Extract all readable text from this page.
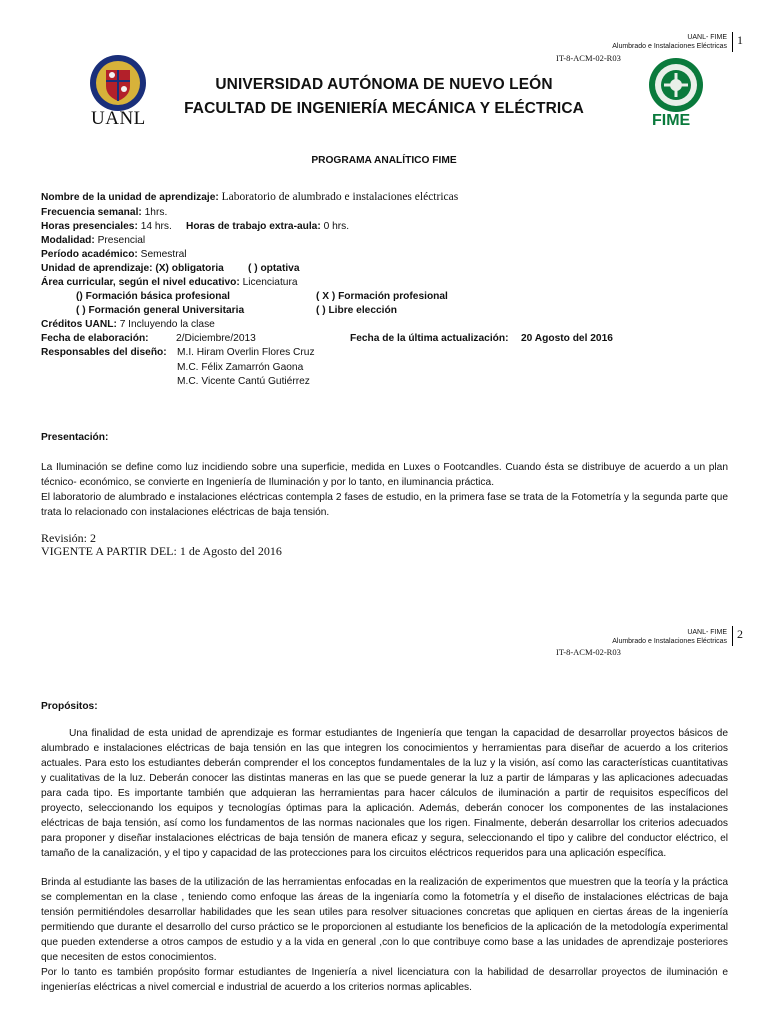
UANL- FIME
Alumbrado e Instalaciones Eléctricas 1
IT-8-ACM-02-R03
UANL	FIME
UNIVERSIDAD AUTÓNOMA DE NUEVO LEÓN
FACULTAD DE INGENIERÍA MECÁNICA Y ELÉCTRICA
PROGRAMA ANALÍTICO FIME
Nombre de la unidad de aprendizaje: Laboratorio de alumbrado e instalaciones eléctricas
Frecuencia semanal: 1hrs.
Horas presenciales: 14 hrs. Horas de trabajo extra-aula: 0 hrs.
Modalidad: Presencial
Período académico: Semestral
Unidad de aprendizaje: (X) obligatoria ( ) optativa
Área curricular, según el nivel educativo: Licenciatura
() Formación básica profesional	( X ) Formación profesional
( ) Formación general Universitaria	( ) Libre elección
Créditos UANL: 7 Incluyendo la clase
Fecha de elaboración:	2/Diciembre/2013	Fecha de la última actualización: 20 Agosto del 2016
Responsables del diseño: M.I. Hiram Overlin Flores Cruz
M.C. Félix Zamarrón Gaona
M.C. Vicente Cantú Gutiérrez
Presentación:

La Iluminación se define como luz incidiendo sobre una superficie, medida en Luxes o Footcandles. Cuando ésta se distribuye de acuerdo a un plan técnico- económico, se convierte en Ingeniería de Iluminación y por lo tanto, en iluminancia práctica.

El laboratorio de alumbrado e instalaciones eléctricas contempla 2 fases de estudio, en la primera fase se trata de la Fotometría y la segunda parte que trata lo relacionado con instalaciones eléctricas de baja tensión.

Revisión: 2
VIGENTE A PARTIR DEL: 1 de Agosto del 2016
UANL- FIME
Alumbrado e Instalaciones Eléctricas
2
IT-8-ACM-02-R03
Propósitos:

Una finalidad de esta unidad de aprendizaje es formar estudiantes de Ingeniería que tengan la capacidad de desarrollar proyectos básicos de alumbrado e instalaciones eléctricas de baja tensión en las que integren los conocimientos y herramientas para diseñar de acuerdo a los criterios actuales. Para esto los estudiantes deberán comprender el los conceptos fundamentales de la luz y la visión, así como las características cuantitativas y cualitativas de la luz. Deberán conocer las distintas maneras en las que se puede generar la luz a partir de lámparas y las aplicaciones adecuadas para cada tipo. Es importante también que adquieran las herramientas para hacer cálculos de iluminación a partir de requisitos específicos del proyecto, seleccionando los equipos y tecnologías óptimas para la aplicación. Además, deberán conocer los componentes de las instalaciones eléctricas de baja tensión, así como los fundamentos de las normas nacionales que los rigen. Finalmente, deberán desarrollar los criterios adecuados para proponer y diseñar instalaciones eléctricas de baja tensión de manera eficaz y segura, seleccionando el tipo y calibre del conductor eléctrico, el tamaño de la canalización, y el tipo y capacidad de las protecciones para los circuitos eléctricos requeridos para una aplicación específica.

Brinda al estudiante las bases de la utilización de las herramientas enfocadas en la realización de experimentos que muestren que la teoría y la práctica se complementan en la clase , teniendo como enfoque las áreas de la ingeniaría como la fotometría y el diseño de instalaciones eléctricas de baja tensión permitiéndoles desarrollar habilidades que les sean utiles para resolver situaciones concretas que apliquen en ciertas áreas de la ingeniería permitiendo que durante el desarrollo del curso práctico se le proporcionen al estudiante los beneficios de la aplicación de la metodología experimental que pueden extenderse a otros campos de estudio y a la vida en general ,con lo que contribuye como base a las unidades de aprendizaje posteriores que necesiten de estos conocimientos.

Por lo tanto es también propósito formar estudiantes de Ingeniería a nivel licenciatura con la habilidad de desarrollar proyectos de iluminación e ingenierías eléctricas a nivel comercial e industrial de acuerdo a los criterios normas aplicables.
